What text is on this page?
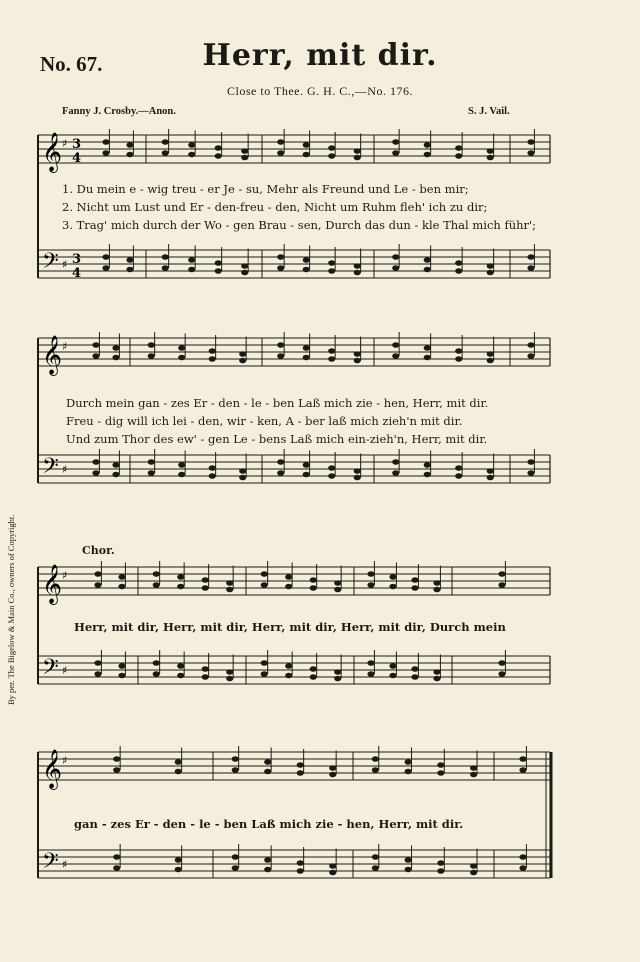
No. 67.	Herr, mit dir.
Close to Thee. G. H. C.,—No. 176.
Fanny J. Crosby.—Anon.	S. J. Vail.
By per. The Bigelow & Main Co., owners of Copyright.
𝄞
𝄢
♯
♯
3
4
3
4
𝄞
𝄢
♯
♯
𝄞
𝄢
♯
♯
𝄞
𝄢
♯
♯
1. Du mein e - wig treu - er Je - su, Mehr als Freund und Le - ben mir;
2. Nicht um Lust und Er - den-freu - den, Nicht um Ruhm fleh' ich zu dir;
3. Trag' mich durch der Wo - gen Brau - sen, Durch das dun - kle Thal mich führ';
Durch mein gan - zes Er - den - le - ben Laß mich zie - hen, Herr, mit dir.
Freu - dig will ich lei - den, wir - ken, A - ber laß mich zieh'n mit dir.
Und zum Thor des ew' - gen Le - bens Laß mich ein-zieh'n, Herr, mit dir.
Chor.
Herr, mit dir, Herr, mit dir, Herr, mit dir, Herr, mit dir, Durch mein
gan - zes Er - den - le - ben Laß mich zie - hen, Herr, mit dir.
